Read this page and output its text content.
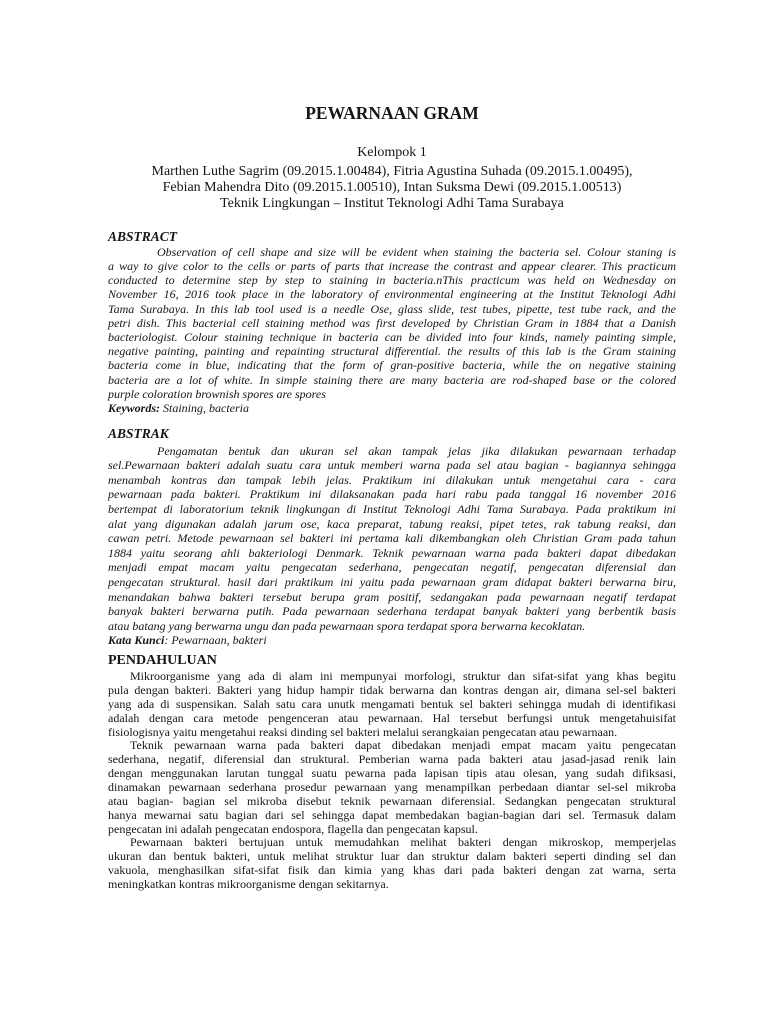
PEWARNAAN GRAM
Kelompok 1
Marthen Luthe Sagrim (09.2015.1.00484), Fitria Agustina Suhada (09.2015.1.00495),
Febian Mahendra Dito (09.2015.1.00510), Intan Suksma Dewi (09.2015.1.00513)
Teknik Lingkungan – Institut Teknologi Adhi Tama Surabaya
ABSTRACT
Observation of cell shape and size will be evident when staining the bacteria sel. Colour staning is
a way to give color to the cells or parts of parts that increase the contrast and appear clearer. This practicum
conducted to determine step by step to staining in bacteria.nThis practicum was held on Wednesday on
November 16, 2016 took place in the laboratory of environmental engineering at the Institut Teknologi Adhi
Tama Surabaya. In this lab tool used is a needle Ose, glass slide, test tubes, pipette, test tube rack, and the
petri dish. This bacterial cell staining method was first developed by Christian Gram in 1884 that a Danish
bacteriologist. Colour staining technique in bacteria can be divided into four kinds, namely painting simple,
negative painting, painting and repainting structural differential. the results of this lab is the Gram staining
bacteria come in blue, indicating that the form of gran-positive bacteria, while the on negative staining
bacteria are a lot of white. In simple staining there are many bacteria are rod-shaped base or the colored
purple coloration brownish spores are spores
Keywords: Staining, bacteria
ABSTRAK
Pengamatan bentuk dan ukuran sel akan tampak jelas jika dilakukan pewarnaan terhadap
sel.Pewarnaan bakteri adalah suatu cara untuk memberi warna pada sel atau bagian - bagiannya sehingga
menambah kontras dan tampak lebih jelas. Praktikum ini dilakukan untuk mengetahui cara - cara
pewarnaan pada bakteri. Praktikum ini dilaksanakan pada hari rabu pada tanggal 16 november 2016
bertempat di laboratorium teknik lingkungan di Institut Teknologi Adhi Tama Surabaya. Pada praktikum ini
alat yang digunakan adalah jarum ose, kaca preparat, tabung reaksi, pipet tetes, rak tabung reaksi, dan
cawan petri. Metode pewarnaan sel bakteri ini pertama kali dikembangkan oleh Christian Gram pada tahun
1884 yaitu seorang ahli bakteriologi Denmark. Teknik pewarnaan warna pada bakteri dapat dibedakan
menjadi empat macam yaitu pengecatan sederhana, pengecatan negatif, pengecatan diferensial dan
pengecatan struktural. hasil dari praktikum ini yaitu pada pewarnaan gram didapat bakteri berwarna biru,
menandakan bahwa bakteri tersebut berupa gram positif, sedangakan pada pewarnaan negatif terdapat
banyak bakteri berwarna putih. Pada pewarnaan sederhana terdapat banyak bakteri yang berbentik basis
atau batang yang berwarna ungu dan pada pewarnaan spora terdapat spora berwarna kecoklatan.
Kata Kunci: Pewarnaan, bakteri
PENDAHULUAN
Mikroorganisme yang ada di alam ini mempunyai morfologi, struktur dan sifat-sifat yang khas begitu
pula dengan bakteri. Bakteri yang hidup hampir tidak berwarna dan kontras dengan air, dimana sel-sel bakteri
yang ada di suspensikan. Salah satu cara unutk mengamati bentuk sel bakteri sehingga mudah di identifikasi
adalah dengan cara metode pengenceran atau pewarnaan. Hal tersebut berfungsi untuk mengetahuisifat
fisiologisnya yaitu mengetahui reaksi dinding sel bakteri melalui serangkaian pengecatan atau pewarnaan.
Teknik pewarnaan warna pada bakteri dapat dibedakan menjadi empat macam yaitu pengecatan
sederhana, negatif, diferensial dan struktural. Pemberian warna pada bakteri atau jasad-jasad renik lain
dengan menggunakan larutan tunggal suatu pewarna pada lapisan tipis atau olesan, yang sudah difiksasi,
dinamakan pewarnaan sederhana prosedur pewarnaan yang menampilkan perbedaan diantar sel-sel mikroba
atau bagian- bagian sel mikroba disebut teknik pewarnaan diferensial. Sedangkan pengecatan struktural
hanya mewarnai satu bagian dari sel sehingga dapat membedakan bagian-bagian dari sel. Termasuk dalam
pengecatan ini adalah pengecatan endospora, flagella dan pengecatan kapsul.
Pewarnaan bakteri bertujuan untuk memudahkan melihat bakteri dengan mikroskop, memperjelas
ukuran dan bentuk bakteri, untuk melihat struktur luar dan struktur dalam bakteri seperti dinding sel dan
vakuola, menghasilkan sifat-sifat fisik dan kimia yang khas dari pada bakteri dengan zat warna, serta
meningkatkan kontras mikroorganisme dengan sekitarnya.
